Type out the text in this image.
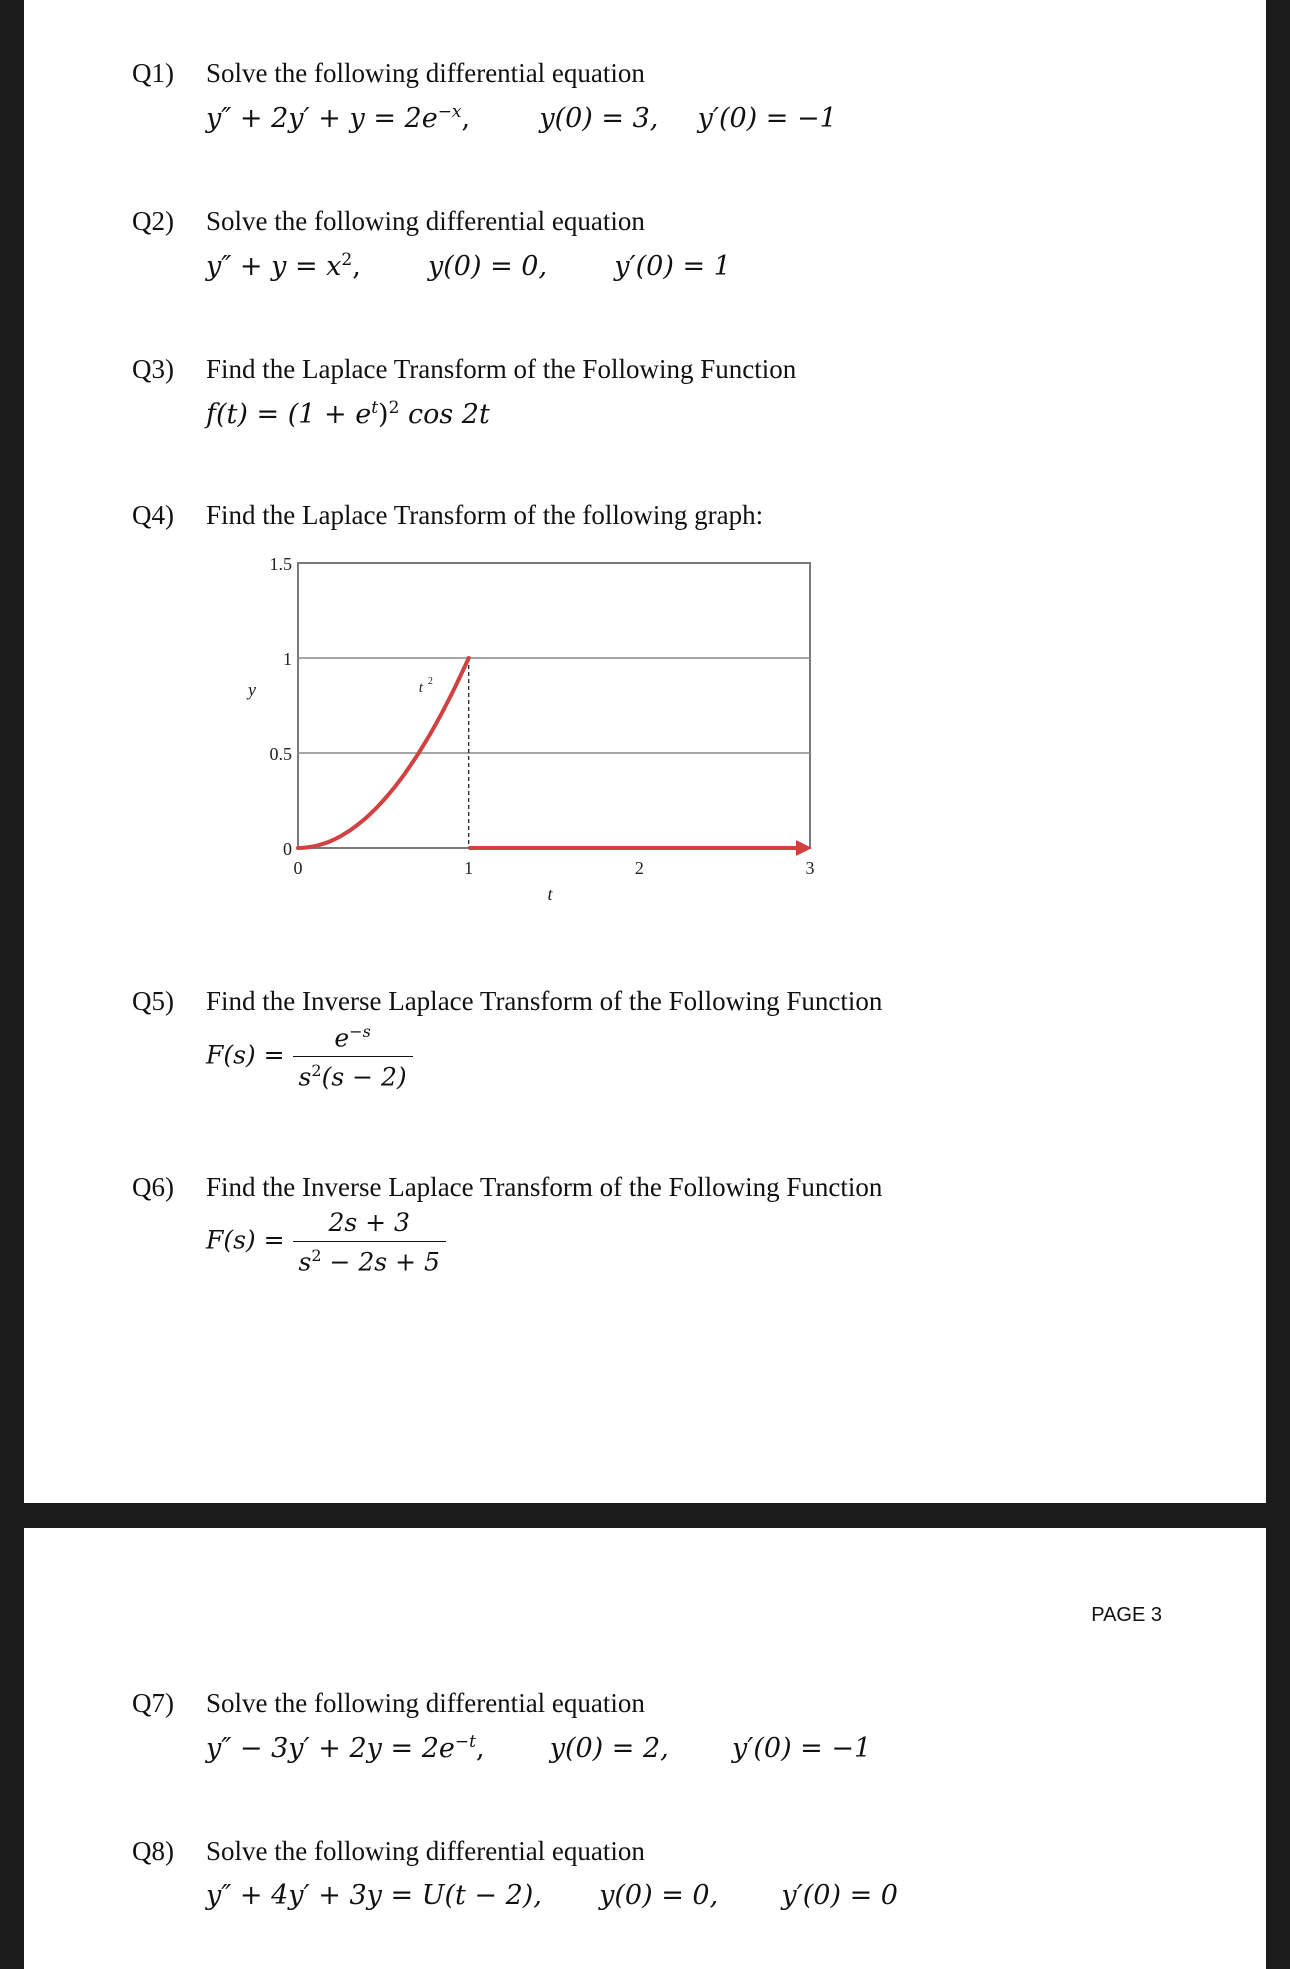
Q1) Solve the following differential equation
$y'' + 2y' + y = 2e^{-x}$,	y(0) = 3, y′(0) = −1
Q2) Solve the following differential equation
$y'' + y = x^2$, y(0) = 0, y′(0) = 1
Q3) Find the Laplace Transform of the Following Function
$f(t) = (1 + e^t)^2$ cos 2t
Q4) Find the Laplace Transform of the following graph:
0
0.5
1
1.5
0	1	2	3
y
t
t 2
Q5) Find the Inverse Laplace Transform of the Following Function
$F(s) = \frac{e^{-s}}{s^2(s - 2)}$
Q6) Find the Inverse Laplace Transform of the Following Function
$F(s) = \frac{2s + 3}{s^2 - 2s + 5}$
PAGE 3
Q7) Solve the following differential equation
$y'' - 3y' + 2y = 2e^{-t}$, y(0) = 2, y′(0) = −1
Q8) Solve the following differential equation
y″ + 4y′ + 3y = U(t − 2), y(0) = 0, y′(0) = 0
